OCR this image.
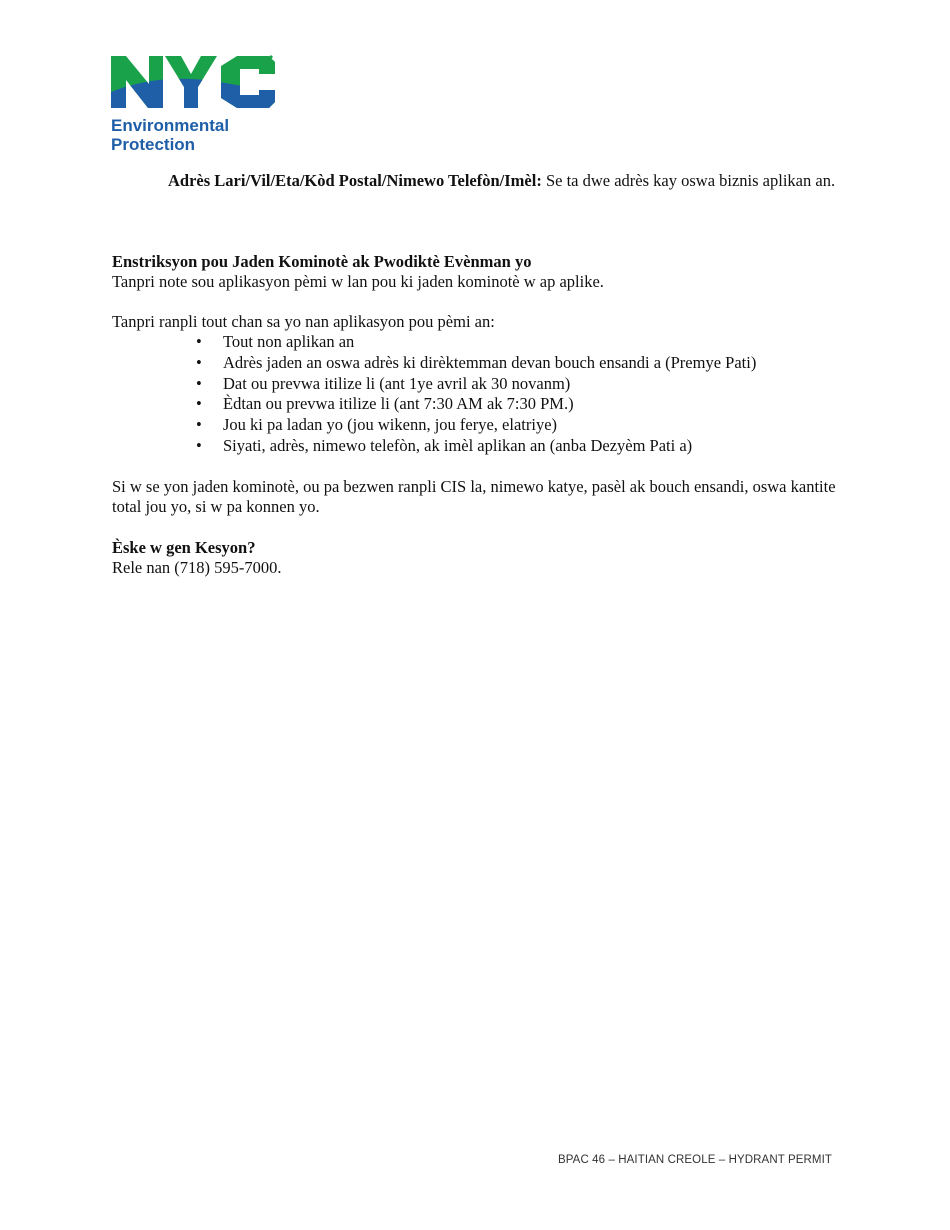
Environmental
Protection
Adrès Lari/Vil/Eta/Kòd Postal/Nimewo Telefòn/Imèl: Se ta dwe adrès kay oswa biznis aplikan an.
Enstriksyon pou Jaden Kominotè ak Pwodiktè Evènman yo
Tanpri note sou aplikasyon pèmi w lan pou ki jaden kominotè w ap aplike.
Tanpri ranpli tout chan sa yo nan aplikasyon pou pèmi an:
• Tout non aplikan an
• Adrès jaden an oswa adrès ki dirèktemman devan bouch ensandi a (Premye Pati)
• Dat ou prevwa itilize li (ant 1ye avril ak 30 novanm)
• Èdtan ou prevwa itilize li (ant 7:30 AM ak 7:30 PM.)
• Jou ki pa ladan yo (jou wikenn, jou ferye, elatriye)
• Siyati, adrès, nimewo telefòn, ak imèl aplikan an (anba Dezyèm Pati a)
Si w se yon jaden kominotè, ou pa bezwen ranpli CIS la, nimewo katye, pasèl ak bouch ensandi, oswa kantite total jou yo, si w pa konnen yo.
Èske w gen Kesyon?
Rele nan (718) 595-7000.
BPAC 46 – HAITIAN CREOLE – HYDRANT PERMIT
